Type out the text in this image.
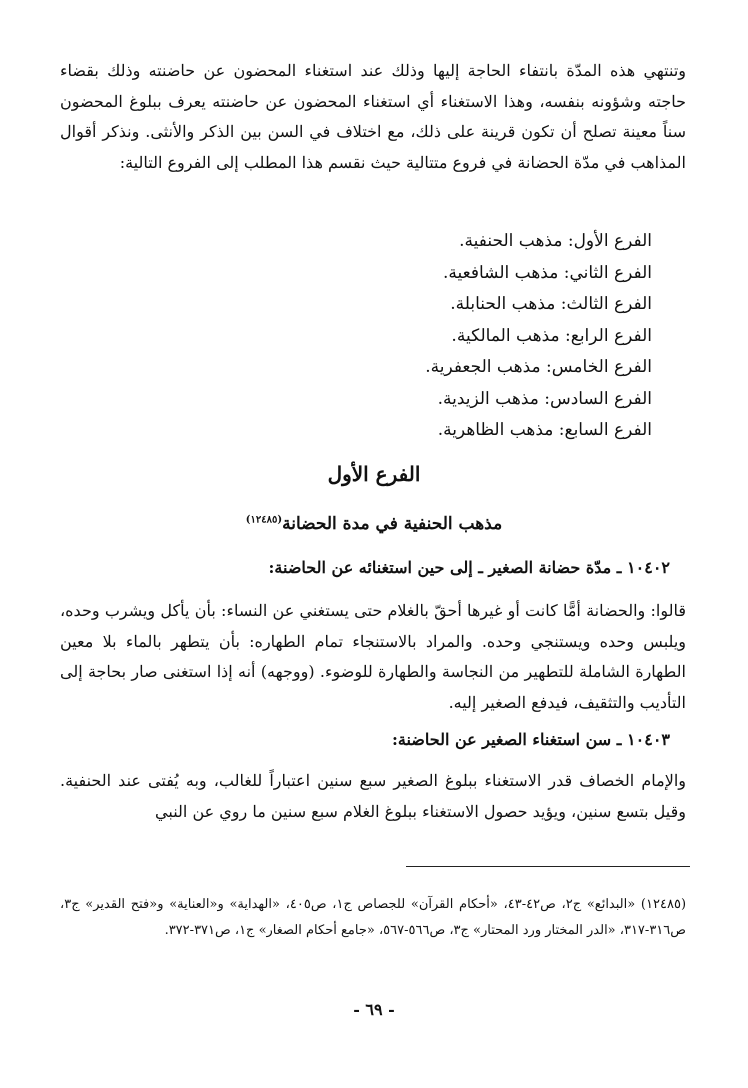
وتنتهي هذه المدّة بانتفاء الحاجة إليها وذلك عند استغناء المحضون عن حاضنته وذلك بقضاء حاجته وشؤونه بنفسه، وهذا الاستغناء أي استغناء المحضون عن حاضنته يعرف ببلوغ المحضون سناً معينة تصلح أن تكون قرينة على ذلك، مع اختلاف في السن بين الذكر والأنثى. ونذكر أقوال المذاهب في مدّة الحضانة في فروع متتالية حيث نقسم هذا المطلب إلى الفروع التالية:
الفرع الأول: مذهب الحنفية.
الفرع الثاني: مذهب الشافعية.
الفرع الثالث: مذهب الحنابلة.
الفرع الرابع: مذهب المالكية.
الفرع الخامس: مذهب الجعفرية.
الفرع السادس: مذهب الزيدية.
الفرع السابع: مذهب الظاهرية.
الفرع الأول
مذهب الحنفية في مدة الحضانة$^{(١٢٤٨٥)}$
١٠٤٠٢ ـ مدّة حضانة الصغير ـ إلى حين استغنائه عن الحاضنة:
قالوا: والحضانة أمًّا كانت أو غيرها أحقّ بالغلام حتى يستغني عن النساء: بأن يأكل ويشرب وحده، ويلبس وحده ويستنجي وحده. والمراد بالاستنجاء تمام الطهاره: بأن يتطهر بالماء بلا معين الطهارة الشاملة للتطهير من النجاسة والطهارة للوضوء. (ووجهه) أنه إذا استغنى صار بحاجة إلى التأديب والتثقيف، فيدفع الصغير إليه.
١٠٤٠٣ ـ سن استغناء الصغير عن الحاضنة:
والإمام الخصاف قدر الاستغناء ببلوغ الصغير سبع سنين اعتباراً للغالب، وبه يُفتى عند الحنفية. وقيل بتسع سنين، ويؤيد حصول الاستغناء ببلوغ الغلام سبع سنين ما روي عن النبي
(١٢٤٨٥) «البدائع» ج٢، ص٤٢-٤٣، «أحكام القرآن» للجصاص ج١، ص٤٠٥، «الهداية» و«العناية» و«فتح القدير» ج٣، ص٣١٦-٣١٧، «الدر المختار ورد المحتار» ج٣، ص٥٦٦-٥٦٧، «جامع أحكام الصغار» ج١، ص٣٧١-٣٧٢.
- ٦٩ -
